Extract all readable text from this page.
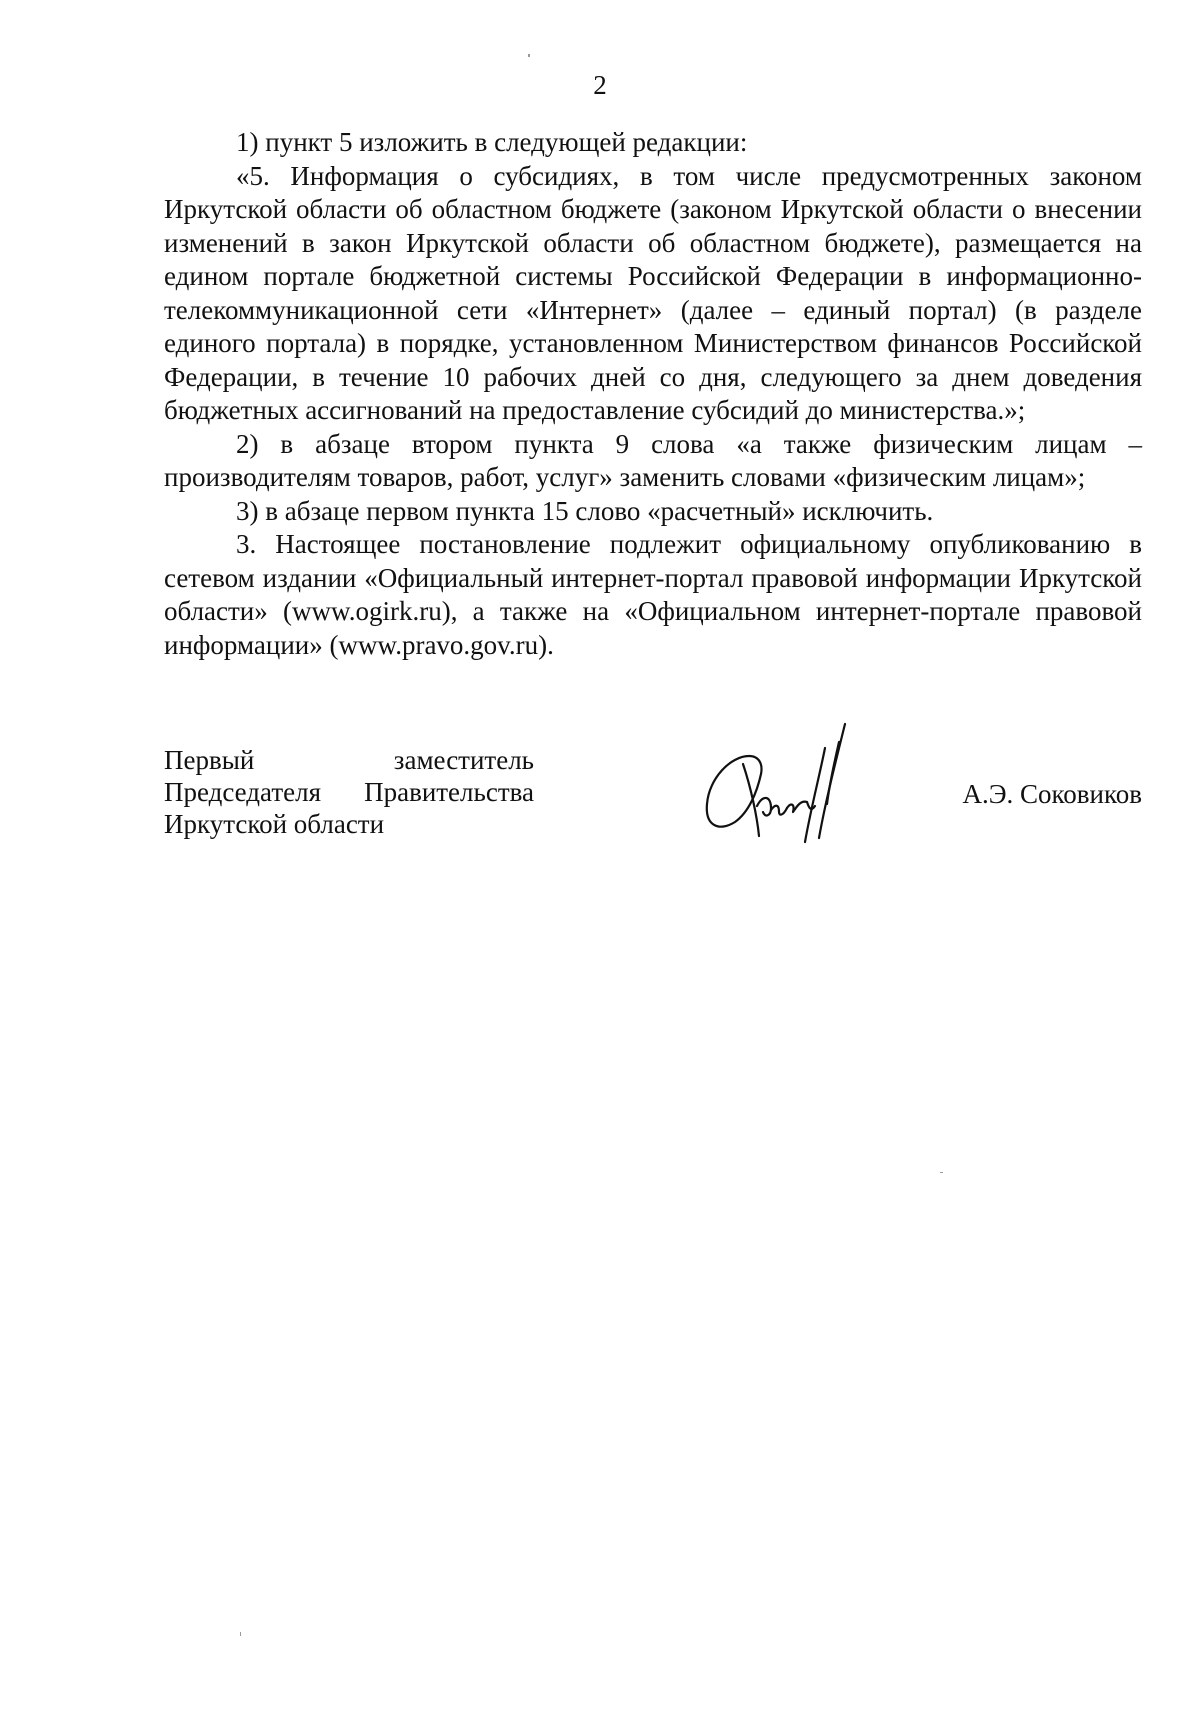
2

1) пункт 5 изложить в следующей редакции:

«5. Информация о субсидиях, в том числе предусмотренных законом Иркутской области об областном бюджете (законом Иркутской области о внесении изменений в закон Иркутской области об областном бюджете), размещается на едином портале бюджетной системы Российской Федерации в информационно-телекоммуникационной сети «Интернет» (далее – единый портал) (в разделе единого портала) в порядке, установленном Министерством финансов Российской Федерации, в течение 10 рабочих дней со дня, следующего за днем доведения бюджетных ассигнований на предоставление субсидий до министерства.»;

2) в абзаце втором пункта 9 слова «а также физическим лицам – производителям товаров, работ, услуг» заменить словами «физическим лицам»;

3) в абзаце первом пункта 15 слово «расчетный» исключить.

3. Настоящее постановление подлежит официальному опубликованию в сетевом издании «Официальный интернет-портал правовой информации Иркутской области» (www.ogirk.ru), а также на «Официальном интернет-портале правовой информации» (www.pravo.gov.ru).

Первый заместитель
Председателя Правительства
Иркутской области
А.Э. Соковиков
